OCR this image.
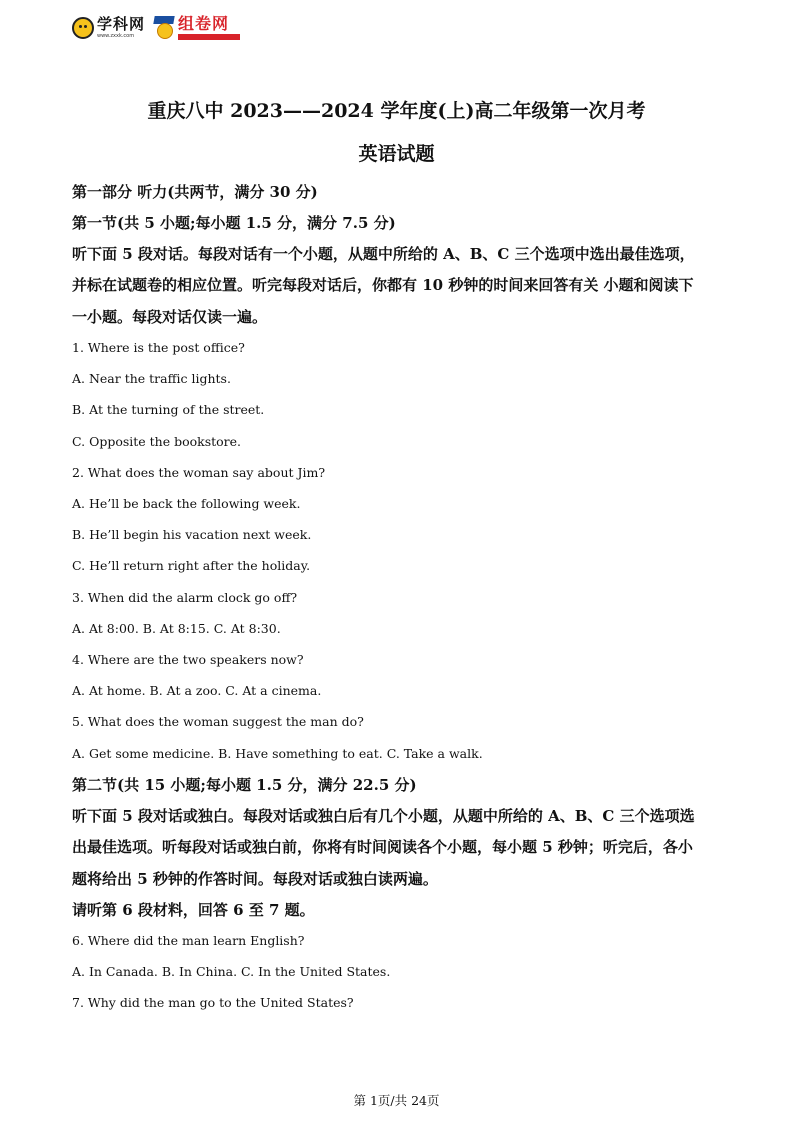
学科网
www.zxxk.com
组卷网
重庆八中 2023——2024 学年度(上)高二年级第一次月考
英语试题
第一部分 听力(共两节，满分 30 分)
第一节(共 5 小题;每小题 1.5 分，满分 7.5 分)
听下面 5 段对话。每段对话有一个小题，从题中所给的 A、B、C 三个选项中选出最佳选项，
并标在试题卷的相应位置。听完每段对话后，你都有 10 秒钟的时间来回答有关 小题和阅读下
一小题。每段对话仅读一遍。
1. Where is the post office?
A. Near the traffic lights.
B. At the turning of the street.
C. Opposite the bookstore.
2. What does the woman say about Jim?
A. He’ll be back the following week.
B. He’ll begin his vacation next week.
C. He’ll return right after the holiday.
3. When did the alarm clock go off?
A. At 8:00. B. At 8:15. C. At 8:30.
4. Where are the two speakers now?
A. At home. B. At a zoo. C. At a cinema.
5. What does the woman suggest the man do?
A. Get some medicine. B. Have something to eat. C. Take a walk.
第二节(共 15 小题;每小题 1.5 分，满分 22.5 分)
听下面 5 段对话或独白。每段对话或独白后有几个小题，从题中所给的 A、B、C 三个选项选
出最佳选项。听每段对话或独白前，你将有时间阅读各个小题，每小题 5 秒钟；听完后，各小
题将给出 5 秒钟的作答时间。每段对话或独白读两遍。
请听第 6 段材料，回答 6 至 7 题。
6. Where did the man learn English?
A. In Canada. B. In China. C. In the United States.
7. Why did the man go to the United States?
第 1页/共 24页
